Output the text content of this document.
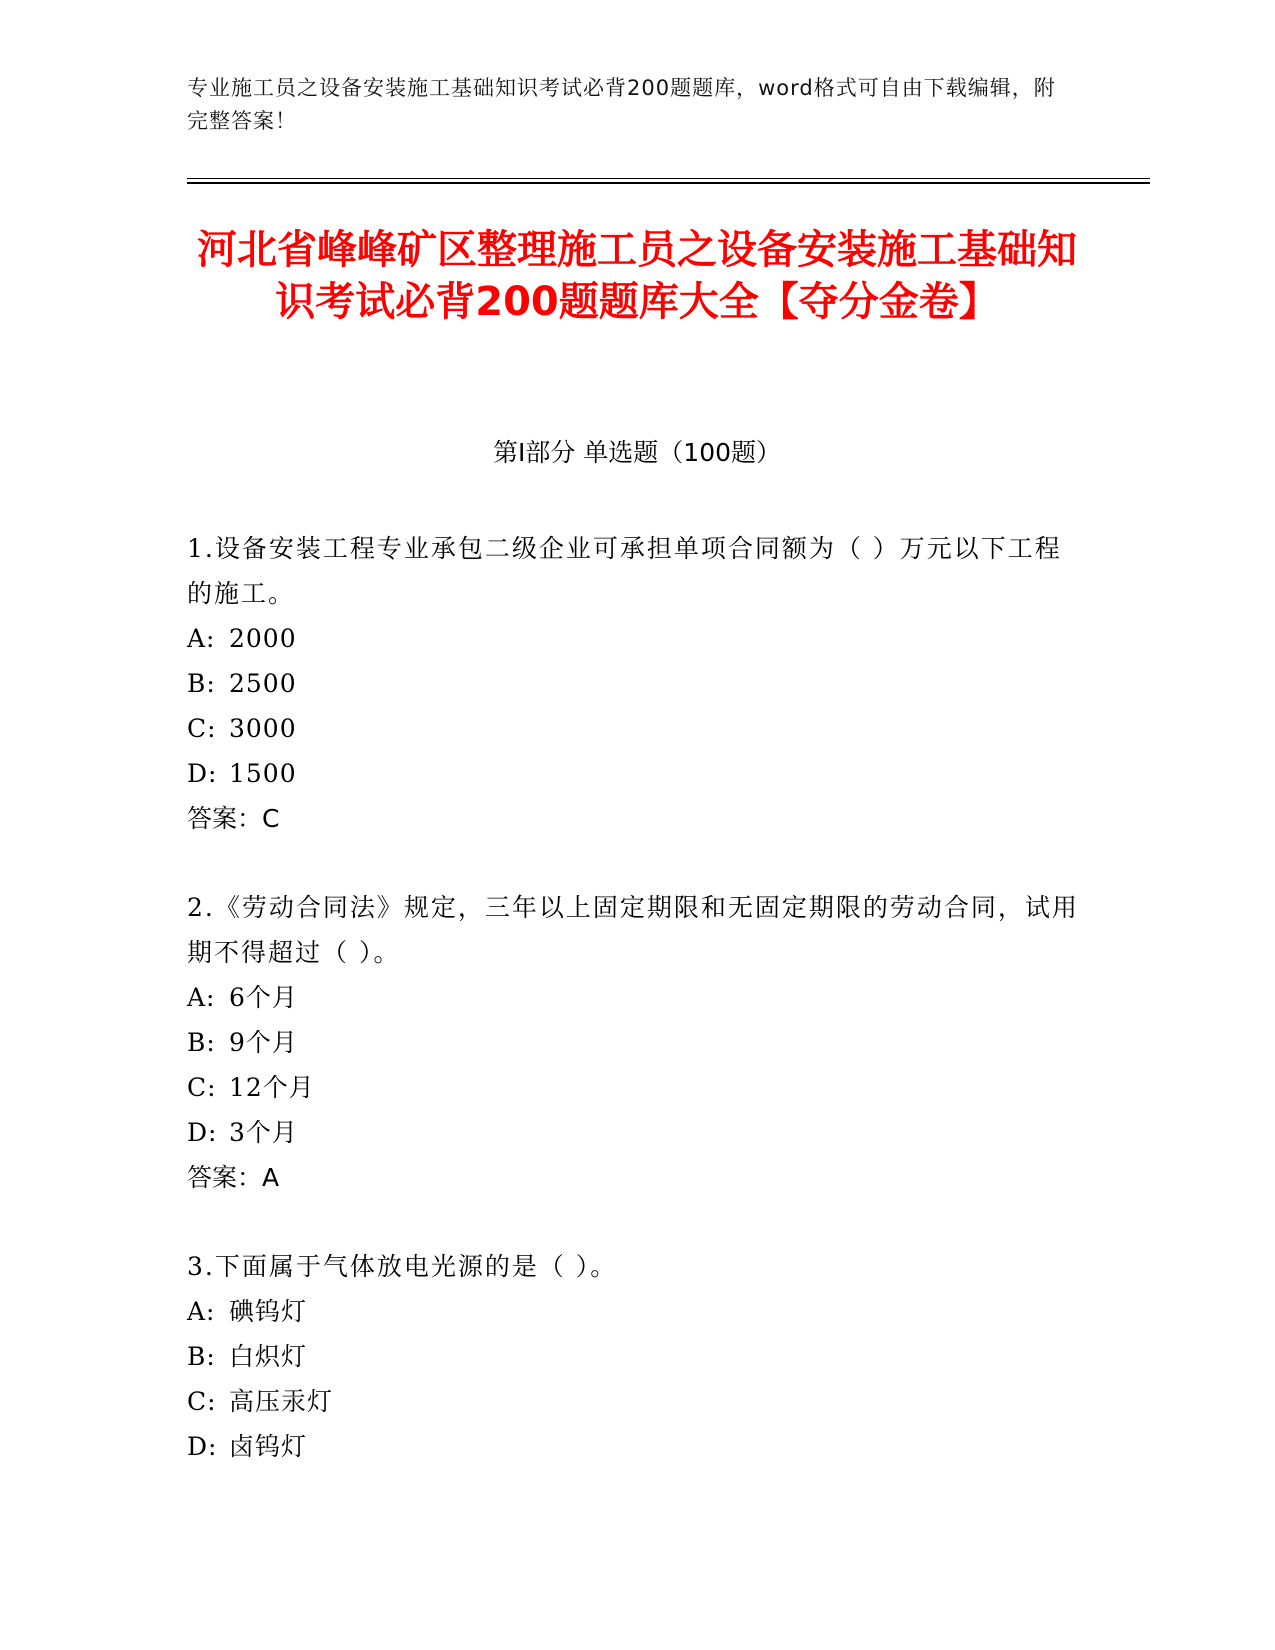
专业施工员之设备安装施工基础知识考试必背200题题库，word格式可自由下载编辑，附完整答案！
河北省峰峰矿区整理施工员之设备安装施工基础知识考试必背200题题库大全【夺分金卷】
第Ⅰ部分 单选题（100题）

1.设备安装工程专业承包二级企业可承担单项合同额为（ ）万元以下工程的施工。

A: 2000

B: 2500

C: 3000

D: 1500

答案：C

2.《劳动合同法》规定，三年以上固定期限和无固定期限的劳动合同，试用期不得超过（ ）。

A: 6个月

B: 9个月

C: 12个月

D: 3个月

答案：A

3.下面属于气体放电光源的是（ ）。

A: 碘钨灯

B: 白炽灯

C: 高压汞灯

D: 卤钨灯
